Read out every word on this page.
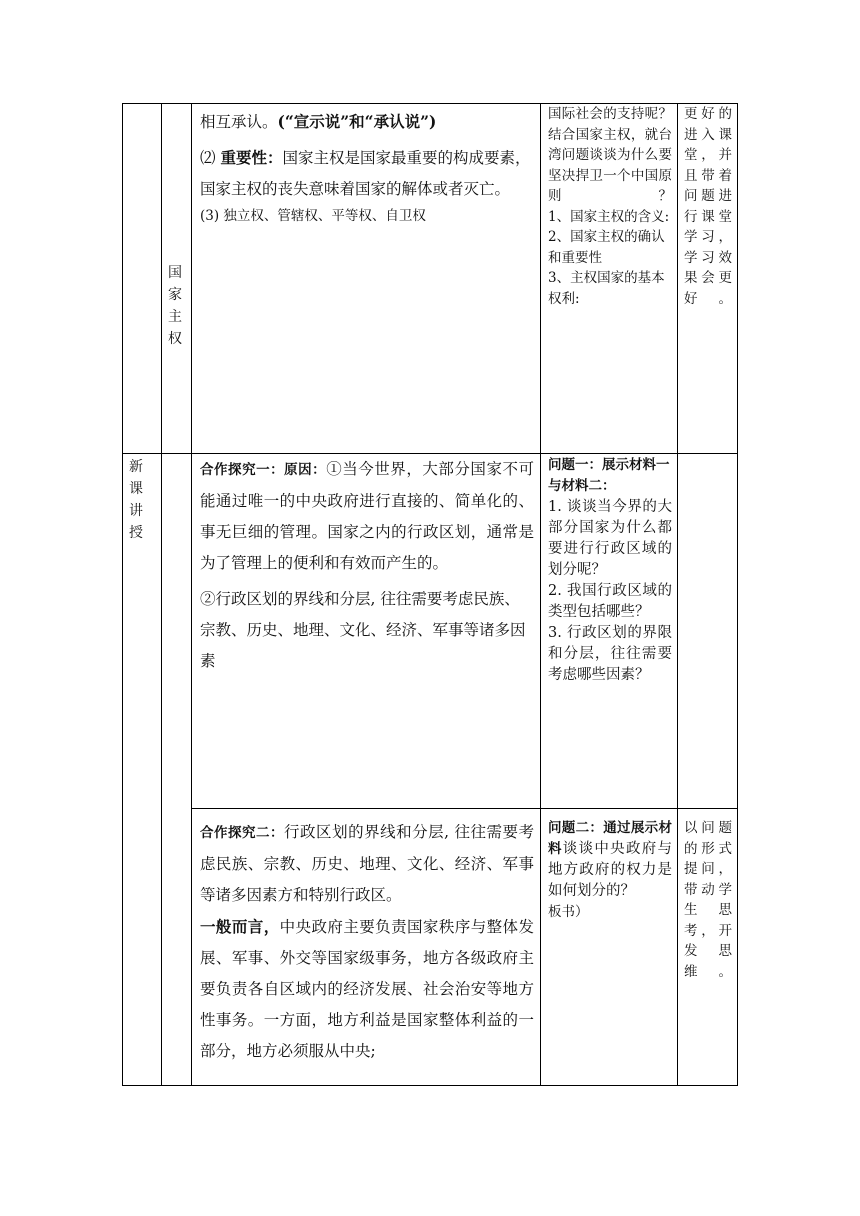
国家主权

相互承认。(“宣示说”和“承认说”)

⑵ 重要性：国家主权是国家最重要的构成要素，国家主权的丧失意味着国家的解体或者灭亡。

(3) 独立权、管辖权、平等权、自卫权

国际社会的支持呢？

结合国家主权，就台湾问题谈谈为什么要坚决捍卫一个中国原则？

1、国家主权的含义:

2、国家主权的确认和重要性

3、主权国家的基本权利:

更好的进入课堂，并且带着问题进行课堂学习，学习效果会更好。

新课讲授

合作探究一：原因：①当今世界，大部分国家不可能通过唯一的中央政府进行直接的、简单化的、事无巨细的管理。国家之内的行政区划，通常是为了管理上的便利和有效而产生的。

②行政区划的界线和分层, 往往需要考虑民族、宗教、历史、地理、文化、经济、军事等诸多因素

问题一：展示材料一与材料二：

1. 谈谈当今界的大部分国家为什么都要进行行政区域的划分呢？

2. 我国行政区域的类型包括哪些？

3. 行政区划的界限和分层，往往需要考虑哪些因素？

合作探究二：行政区划的界线和分层, 往往需要考虑民族、宗教、历史、地理、文化、经济、军事等诸多因素方和特别行政区。

一般而言，中央政府主要负责国家秩序与整体发展、军事、外交等国家级事务，地方各级政府主要负责各自区域内的经济发展、社会治安等地方性事务。一方面，地方利益是国家整体利益的一部分，地方必须服从中央;

问题二：通过展示材料谈谈中央政府与地方政府的权力是如何划分的？

板书）

以问题的形式提问，带动学生思考，开发思维。
